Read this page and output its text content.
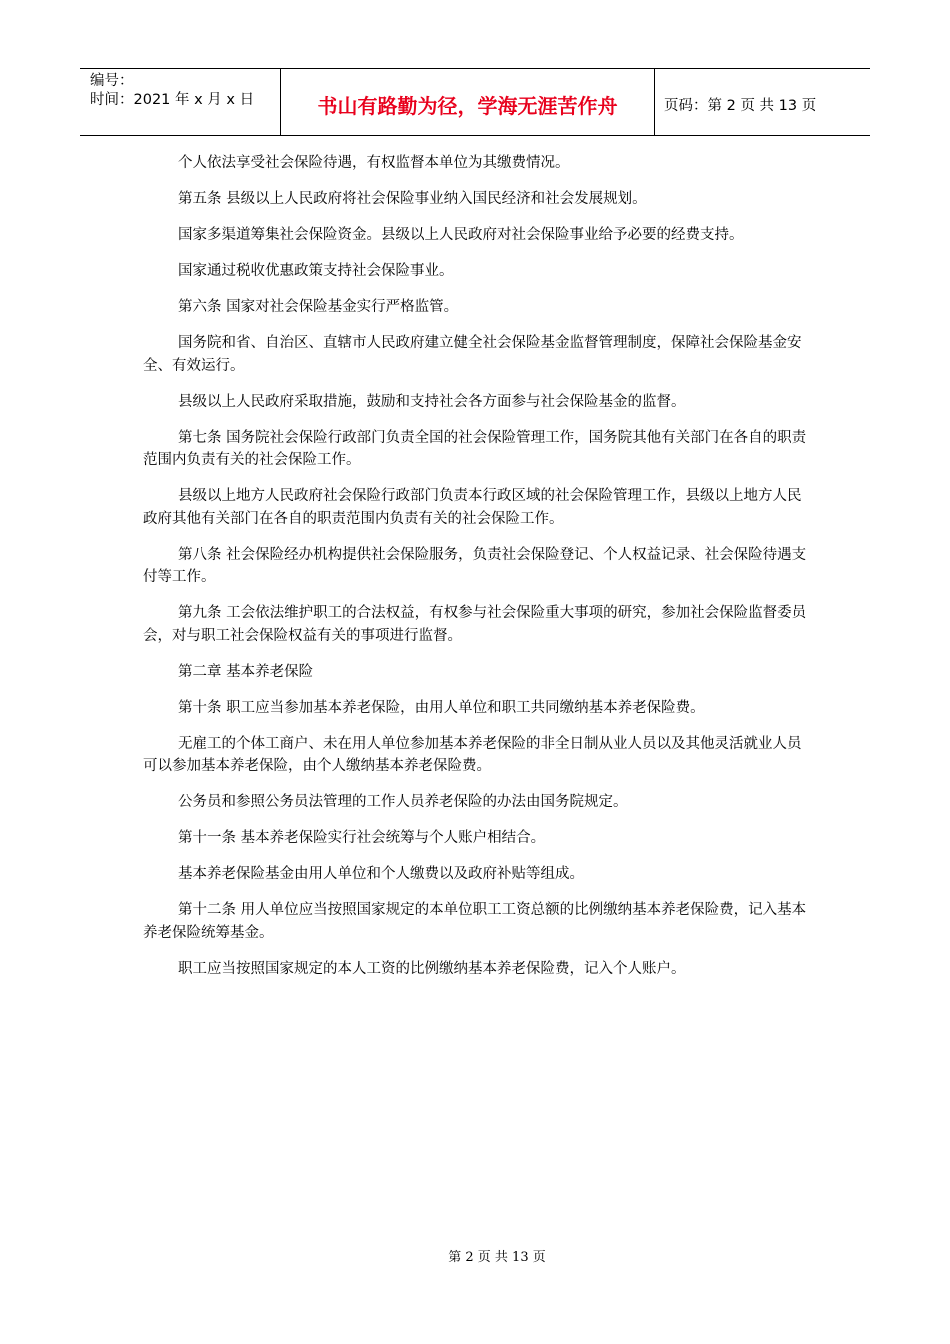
编号：
时间：2021 年 x 月 x 日	书山有路勤为径，学海无涯苦作舟	页码：第 2 页 共 13 页

个人依法享受社会保险待遇，有权监督本单位为其缴费情况。

第五条 县级以上人民政府将社会保险事业纳入国民经济和社会发展规划。

国家多渠道筹集社会保险资金。县级以上人民政府对社会保险事业给予必要的经费支持。

国家通过税收优惠政策支持社会保险事业。

第六条 国家对社会保险基金实行严格监管。

国务院和省、自治区、直辖市人民政府建立健全社会保险基金监督管理制度，保障社会保险基金安全、有效运行。

县级以上人民政府采取措施，鼓励和支持社会各方面参与社会保险基金的监督。

第七条 国务院社会保险行政部门负责全国的社会保险管理工作，国务院其他有关部门在各自的职责范围内负责有关的社会保险工作。

县级以上地方人民政府社会保险行政部门负责本行政区域的社会保险管理工作，县级以上地方人民政府其他有关部门在各自的职责范围内负责有关的社会保险工作。

第八条 社会保险经办机构提供社会保险服务，负责社会保险登记、个人权益记录、社会保险待遇支付等工作。

第九条 工会依法维护职工的合法权益，有权参与社会保险重大事项的研究，参加社会保险监督委员会，对与职工社会保险权益有关的事项进行监督。

第二章 基本养老保险

第十条 职工应当参加基本养老保险，由用人单位和职工共同缴纳基本养老保险费。

无雇工的个体工商户、未在用人单位参加基本养老保险的非全日制从业人员以及其他灵活就业人员可以参加基本养老保险，由个人缴纳基本养老保险费。

公务员和参照公务员法管理的工作人员养老保险的办法由国务院规定。

第十一条 基本养老保险实行社会统筹与个人账户相结合。

基本养老保险基金由用人单位和个人缴费以及政府补贴等组成。

第十二条 用人单位应当按照国家规定的本单位职工工资总额的比例缴纳基本养老保险费，记入基本养老保险统筹基金。

职工应当按照国家规定的本人工资的比例缴纳基本养老保险费，记入个人账户。

第 2 页 共 13 页
